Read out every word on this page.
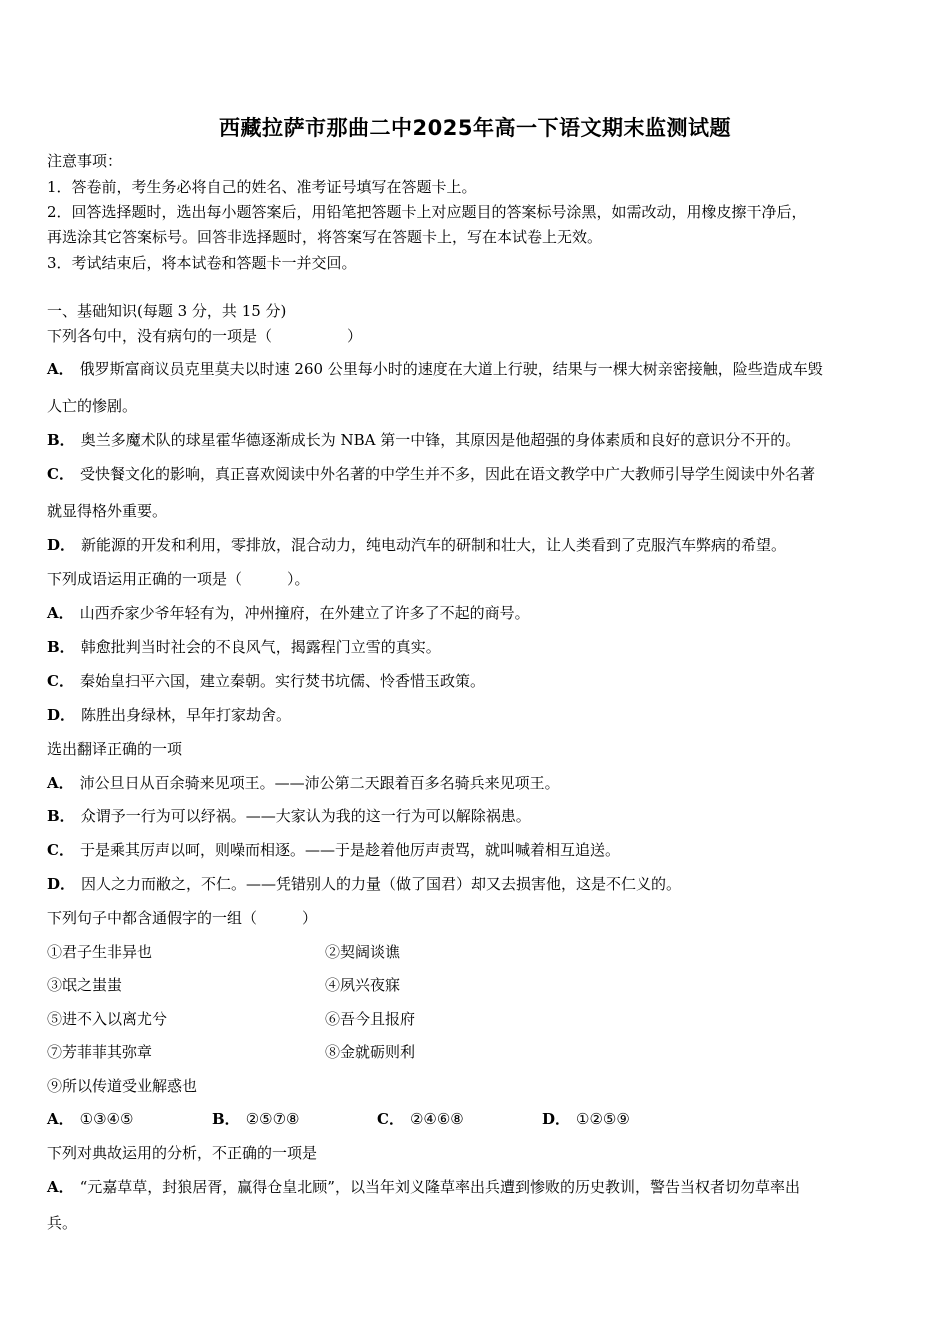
西藏拉萨市那曲二中2025年高一下语文期末监测试题
注意事项：
1．答卷前，考生务必将自己的姓名、准考证号填写在答题卡上。
2．回答选择题时，选出每小题答案后，用铅笔把答题卡上对应题目的答案标号涂黑，如需改动，用橡皮擦干净后，
再选涂其它答案标号。回答非选择题时，将答案写在答题卡上，写在本试卷上无效。
3．考试结束后，将本试卷和答题卡一并交回。
一、基础知识(每题 3 分，共 15 分)
下列各句中，没有病句的一项是（　　　　　）
A． 俄罗斯富商议员克里莫夫以时速 260 公里每小时的速度在大道上行驶，结果与一棵大树亲密接触，险些造成车毁
人亡的惨剧。
B． 奥兰多魔术队的球星霍华德逐渐成长为 NBA 第一中锋，其原因是他超强的身体素质和良好的意识分不开的。
C． 受快餐文化的影响，真正喜欢阅读中外名著的中学生并不多，因此在语文教学中广大教师引导学生阅读中外名著
就显得格外重要。
D． 新能源的开发和利用，零排放，混合动力，纯电动汽车的研制和壮大，让人类看到了克服汽车弊病的希望。
下列成语运用正确的一项是（　　　）。
A． 山西乔家少爷年轻有为，冲州撞府，在外建立了许多了不起的商号。
B． 韩愈批判当时社会的不良风气，揭露程门立雪的真实。
C． 秦始皇扫平六国，建立秦朝。实行焚书坑儒、怜香惜玉政策。
D． 陈胜出身绿林，早年打家劫舍。
选出翻译正确的一项
A． 沛公旦日从百余骑来见项王。——沛公第二天跟着百多名骑兵来见项王。
B． 众谓予一行为可以纾祸。——大家认为我的这一行为可以解除祸患。
C． 于是乘其厉声以呵，则噪而相逐。——于是趁着他厉声责骂，就叫喊着相互追送。
D． 因人之力而敝之，不仁。——凭错别人的力量（做了国君）却又去损害他，这是不仁义的。
下列句子中都含通假字的一组（　　　）
①君子生非异也	②契阔谈谯
③氓之蚩蚩	④夙兴夜寐
⑤进不入以离尤兮	⑥吾今且报府
⑦芳菲菲其弥章	⑧金就砺则利
⑨所以传道受业解惑也
A． ①③④⑤	B． ②⑤⑦⑧	C． ②④⑥⑧	D． ①②⑤⑨
下列对典故运用的分析，不正确的一项是
A． “元嘉草草，封狼居胥，赢得仓皇北顾”，以当年刘义隆草率出兵遭到惨败的历史教训，警告当权者切勿草率出
兵。
